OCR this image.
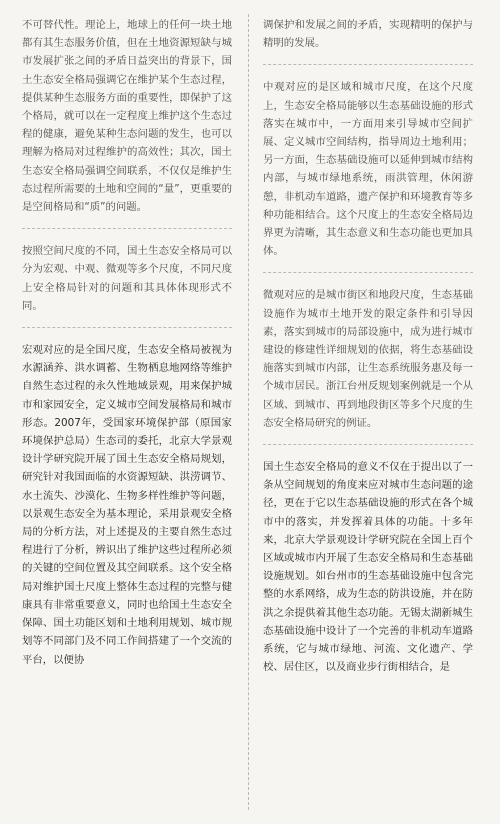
不可替代性。理论上，地球上的任何一块土地都有其生态服务价值，但在土地资源短缺与城市发展扩张之间的矛盾日益突出的背景下，国土生态安全格局强调它在维护某个生态过程，提供某种生态服务方面的重要性，即保护了这个格局，就可以在一定程度上维护这个生态过程的健康，避免某种生态问题的发生，也可以理解为格局对过程维护的高效性；其次，国土生态安全格局强调空间联系，不仅仅是维护生态过程所需要的土地和空间的“量”，更重要的是空间格局和“质”的问题。

按照空间尺度的不同，国土生态安全格局可以分为宏观、中观、微观等多个尺度，不同尺度上安全格局针对的问题和其具体体现形式不同。

宏观对应的是全国尺度，生态安全格局被视为水源涵养、洪水调蓄、生物栖息地网络等维护自然生态过程的永久性地域景观，用来保护城市和家园安全，定义城市空间发展格局和城市形态。2007年，受国家环境保护部（原国家环境保护总局）生态司的委托，北京大学景观设计学研究院开展了国土生态安全格局规划，研究针对我国面临的水资源短缺、洪涝调节、水土流失、沙漠化、生物多样性维护等问题，以景观生态安全为基本理论，采用景观安全格局的分析方法，对上述提及的主要自然生态过程进行了分析，辨识出了维护这些过程所必须的关键的空间位置及其空间联系。这个安全格局对维护国土尺度上整体生态过程的完整与健康具有非常重要意义，同时也给国土生态安全保障、国土功能区划和土地利用规划、城市规划等不同部门及不同工作间搭建了一个交流的平台，以便协

调保护和发展之间的矛盾，实现精明的保护与精明的发展。

中观对应的是区域和城市尺度，在这个尺度上，生态安全格局能够以生态基础设施的形式落实在城市中，一方面用来引导城市空间扩展、定义城市空间结构，指导周边土地利用；另一方面，生态基础设施可以延伸到城市结构内部，与城市绿地系统，雨洪管理，休闲游憩，非机动车道路，遗产保护和环境教育等多种功能相结合。这个尺度上的生态安全格局边界更为清晰，其生态意义和生态功能也更加具体。

微观对应的是城市街区和地段尺度，生态基础设施作为城市土地开发的限定条件和引导因素，落实到城市的局部设施中，成为进行城市建设的修建性详细规划的依据，将生态基础设施落实到城市内部，让生态系统服务惠及每一个城市居民。浙江台州反规划案例就是一个从区域、到城市、再到地段街区等多个尺度的生态安全格局研究的例证。

国土生态安全格局的意义不仅在于提出以了一条从空间规划的角度来应对城市生态问题的途径，更在于它以生态基础设施的形式在各个城市中的落实，并发挥着具体的功能。十多年来，北京大学景观设计学研究院在全国上百个区域或城市内开展了生态安全格局和生态基础设施规划。如台州市的生态基础设施中包含完整的水系网络，成为生态的防洪设施，并在防洪之余提供着其他生态功能。无锡太湖新城生态基础设施中设计了一个完善的非机动车道路系统，它与城市绿地、河流、文化遗产、学校、居住区，以及商业步行街相结合，是
